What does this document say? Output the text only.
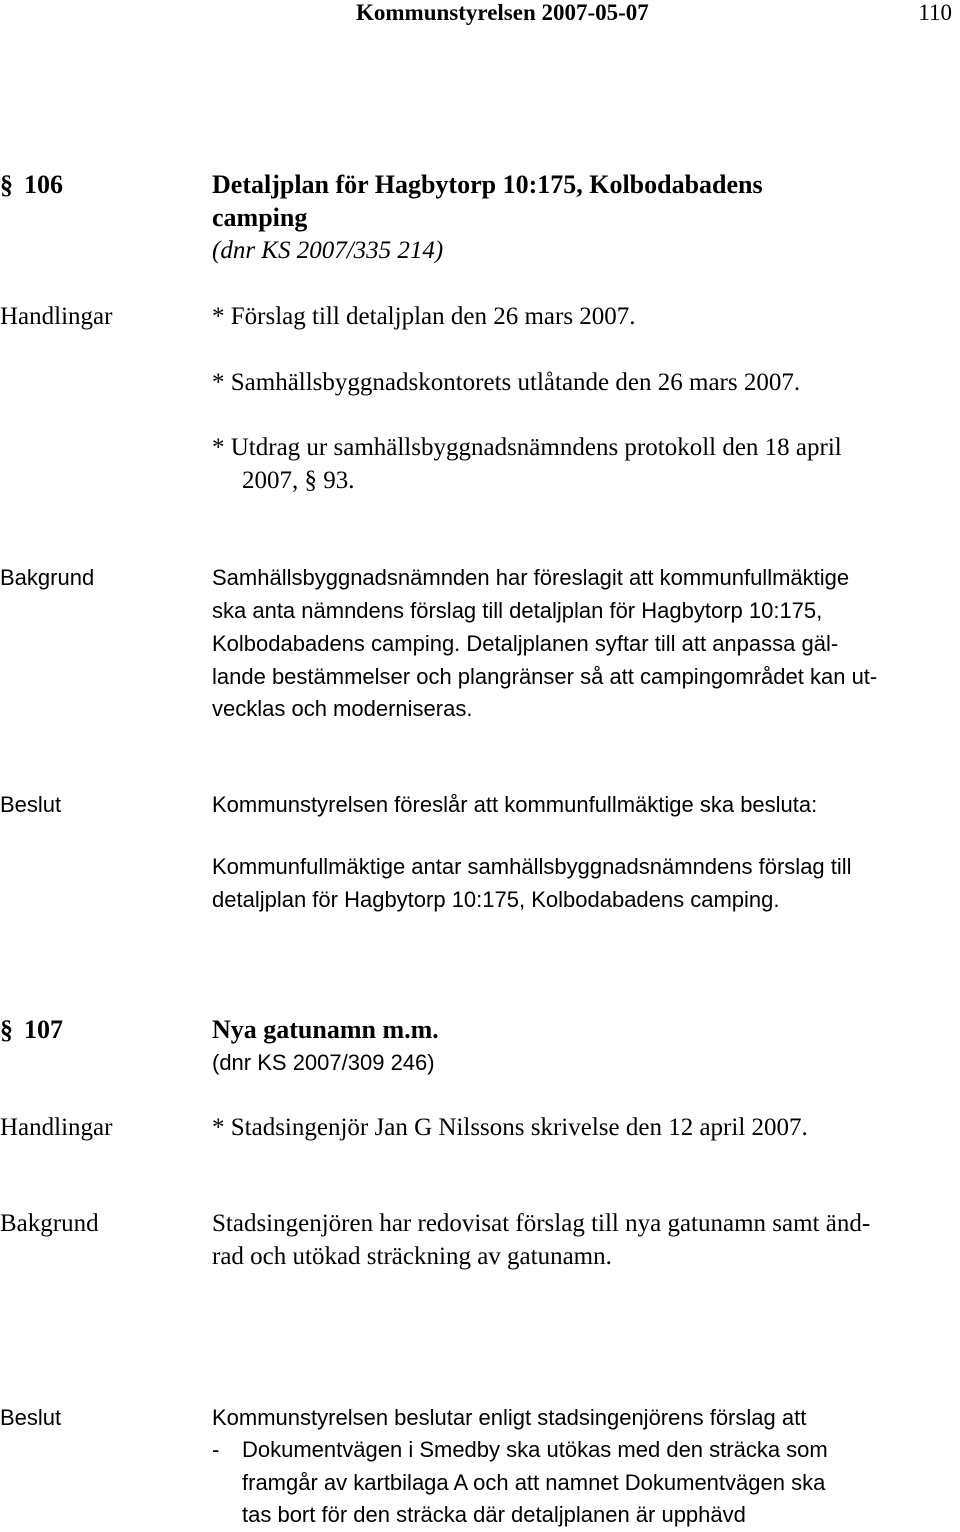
Kommunstyrelsen 2007-05-07	110
§ 106	Detaljplan för Hagbytorp 10:175, Kolbodabadens
camping
(dnr KS 2007/335 214)
Handlingar	* Förslag till detaljplan den 26 mars 2007.
* Samhällsbyggnadskontorets utlåtande den 26 mars 2007.
* Utdrag ur samhällsbyggnadsnämndens protokoll den 18 april
2007, § 93.
Bakgrund	Samhällsbyggnadsnämnden har föreslagit att kommunfullmäktige
ska anta nämndens förslag till detaljplan för Hagbytorp 10:175,
Kolbodabadens camping. Detaljplanen syftar till att anpassa gäl-
lande bestämmelser och plangränser så att campingområdet kan ut-
vecklas och moderniseras.
Beslut	Kommunstyrelsen föreslår att kommunfullmäktige ska besluta:
Kommunfullmäktige antar samhällsbyggnadsnämndens förslag till
detaljplan för Hagbytorp 10:175, Kolbodabadens camping.
§ 107	Nya gatunamn m.m.
(dnr KS 2007/309 246)
Handlingar	* Stadsingenjör Jan G Nilssons skrivelse den 12 april 2007.
Bakgrund	Stadsingenjören har redovisat förslag till nya gatunamn samt änd-
rad och utökad sträckning av gatunamn.
Beslut	Kommunstyrelsen beslutar enligt stadsingenjörens förslag att
- Dokumentvägen i Smedby ska utökas med den sträcka som
framgår av kartbilaga A och att namnet Dokumentvägen ska
tas bort för den sträcka där detaljplanen är upphävd
